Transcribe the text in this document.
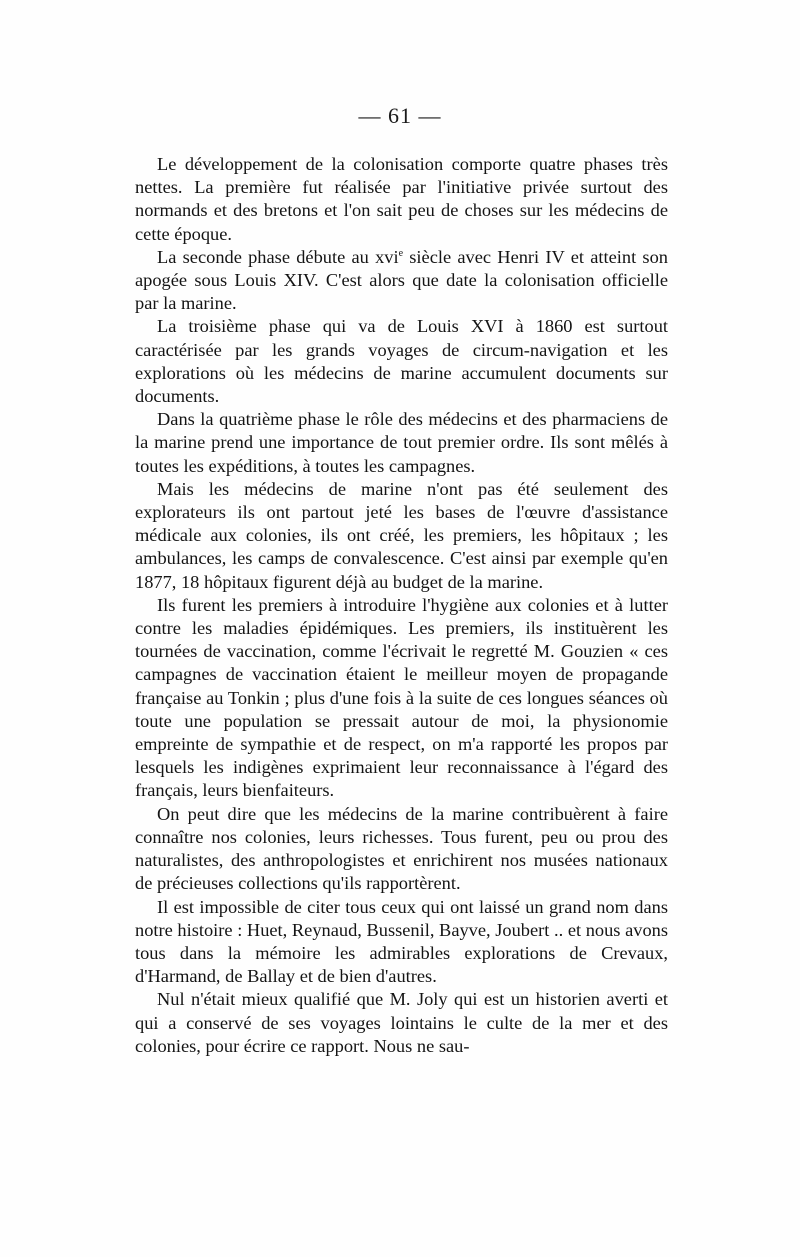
— 61 —

Le développement de la colonisation comporte quatre phases très nettes. La première fut réalisée par l'initiative privée surtout des normands et des bretons et l'on sait peu de choses sur les médecins de cette époque.

La seconde phase débute au xvi$^e$ siècle avec Henri IV et atteint son apogée sous Louis XIV. C'est alors que date la colonisation officielle par la marine.

La troisième phase qui va de Louis XVI à 1860 est surtout caractérisée par les grands voyages de circum-navigation et les explorations où les médecins de marine accumulent documents sur documents.

Dans la quatrième phase le rôle des médecins et des pharmaciens de la marine prend une importance de tout premier ordre. Ils sont mêlés à toutes les expéditions, à toutes les campagnes.

Mais les médecins de marine n'ont pas été seulement des explorateurs ils ont partout jeté les bases de l'œuvre d'assistance médicale aux colonies, ils ont créé, les premiers, les hôpitaux ; les ambulances, les camps de convalescence. C'est ainsi par exemple qu'en 1877, 18 hôpitaux figurent déjà au budget de la marine.

Ils furent les premiers à introduire l'hygiène aux colonies et à lutter contre les maladies épidémiques. Les premiers, ils instituèrent les tournées de vaccination, comme l'écrivait le regretté M. Gouzien « ces campagnes de vaccination étaient le meilleur moyen de propagande française au Tonkin ; plus d'une fois à la suite de ces longues séances où toute une population se pressait autour de moi, la physionomie empreinte de sympathie et de respect, on m'a rapporté les propos par lesquels les indigènes exprimaient leur reconnaissance à l'égard des français, leurs bienfaiteurs.

On peut dire que les médecins de la marine contribuèrent à faire connaître nos colonies, leurs richesses. Tous furent, peu ou prou des naturalistes, des anthropologistes et enrichirent nos musées nationaux de précieuses collections qu'ils rapportèrent.

Il est impossible de citer tous ceux qui ont laissé un grand nom dans notre histoire : Huet, Reynaud, Bussenil, Bayve, Joubert .. et nous avons tous dans la mémoire les admirables explorations de Crevaux, d'Harmand, de Ballay et de bien d'autres.

Nul n'était mieux qualifié que M. Joly qui est un historien averti et qui a conservé de ses voyages lointains le culte de la mer et des colonies, pour écrire ce rapport. Nous ne sau-
